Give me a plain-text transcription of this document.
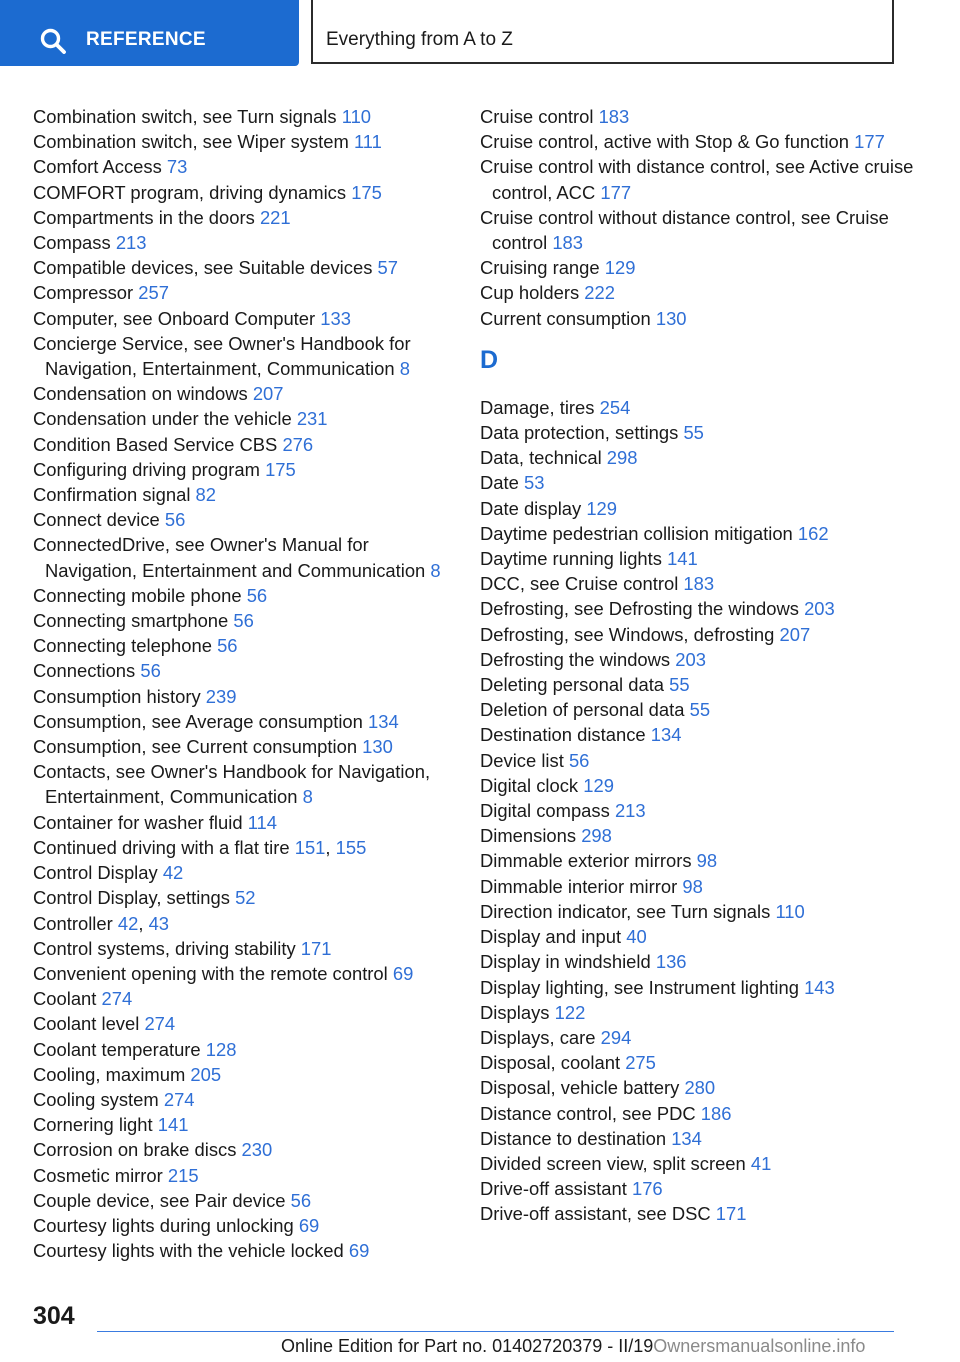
REFERENCE	Everything from A to Z
Combination switch, see Turn signals 110
Combination switch, see Wiper system 111
Comfort Access 73
COMFORT program, driving dynamics 175
Compartments in the doors 221
Compass 213
Compatible devices, see Suitable devices 57
Compressor 257
Computer, see Onboard Computer 133
Concierge Service, see Owner's Handbook for Navigation, Entertainment, Communication 8
Condensation on windows 207
Condensation under the vehicle 231
Condition Based Service CBS 276
Configuring driving program 175
Confirmation signal 82
Connect device 56
ConnectedDrive, see Owner's Manual for Navigation, Entertainment and Communication 8
Connecting mobile phone 56
Connecting smartphone 56
Connecting telephone 56
Connections 56
Consumption history 239
Consumption, see Average consumption 134
Consumption, see Current consumption 130
Contacts, see Owner's Handbook for Navigation, Entertainment, Communication 8
Container for washer fluid 114
Continued driving with a flat tire 151, 155
Control Display 42
Control Display, settings 52
Controller 42, 43
Control systems, driving stability 171
Convenient opening with the remote control 69
Coolant 274
Coolant level 274
Coolant temperature 128
Cooling, maximum 205
Cooling system 274
Cornering light 141
Corrosion on brake discs 230
Cosmetic mirror 215
Couple device, see Pair device 56
Courtesy lights during unlocking 69
Courtesy lights with the vehicle locked 69
Cruise control 183
Cruise control, active with Stop & Go function 177
Cruise control with distance control, see Active cruise control, ACC 177
Cruise control without distance control, see Cruise control 183
Cruising range 129
Cup holders 222
Current consumption 130
D
Damage, tires 254
Data protection, settings 55
Data, technical 298
Date 53
Date display 129
Daytime pedestrian collision mitigation 162
Daytime running lights 141
DCC, see Cruise control 183
Defrosting, see Defrosting the windows 203
Defrosting, see Windows, defrosting 207
Defrosting the windows 203
Deleting personal data 55
Deletion of personal data 55
Destination distance 134
Device list 56
Digital clock 129
Digital compass 213
Dimensions 298
Dimmable exterior mirrors 98
Dimmable interior mirror 98
Direction indicator, see Turn signals 110
Display and input 40
Display in windshield 136
Display lighting, see Instrument lighting 143
Displays 122
Displays, care 294
Disposal, coolant 275
Disposal, vehicle battery 280
Distance control, see PDC 186
Distance to destination 134
Divided screen view, split screen 41
Drive-off assistant 176
Drive-off assistant, see DSC 171
304
Online Edition for Part no. 01402720379 - II/19Ownersmanualsonline.info
